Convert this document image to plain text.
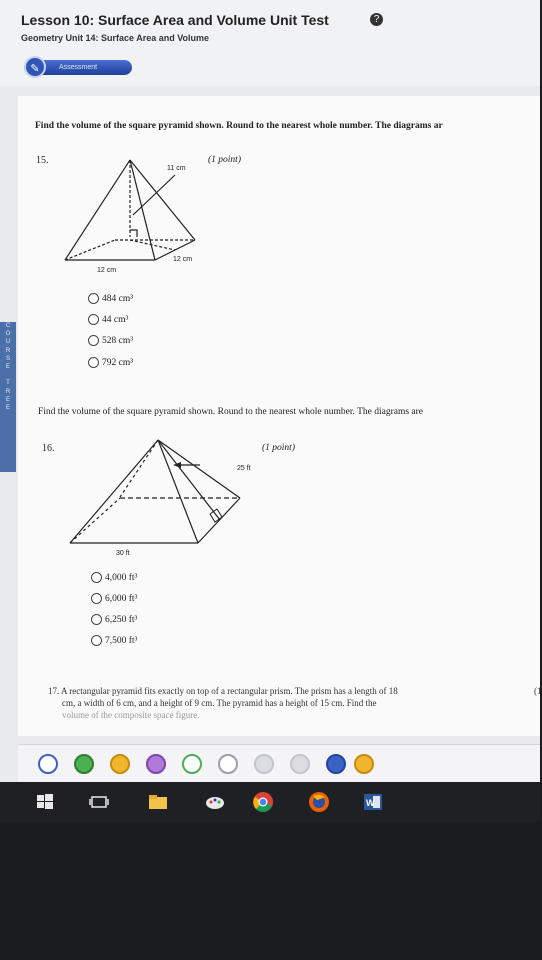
Lesson 10: Surface Area and Volume Unit Test	?
Geometry Unit 14: Surface Area and Volume
Assessment
✎
C
O
U
R
S
E

T
R
E
E
Find the volume of the square pyramid shown. Round to the nearest whole number. The diagrams ar
15.	(1 point)
11 cm
12 cm
12 cm
484 cm³
44 cm³
528 cm³
792 cm³
Find the volume of the square pyramid shown. Round to the nearest whole number. The diagrams are
16.	(1 point)
25 ft
30 ft
4,000 ft³
6,000 ft³
6,250 ft³
7,500 ft³
17. A rectangular pyramid fits exactly on top of a rectangular prism. The prism has a length of 18	(1

cm, a width of 6 cm, and a height of 9 cm. The pyramid has a height of 15 cm. Find the
volume of the composite space figure.
W
